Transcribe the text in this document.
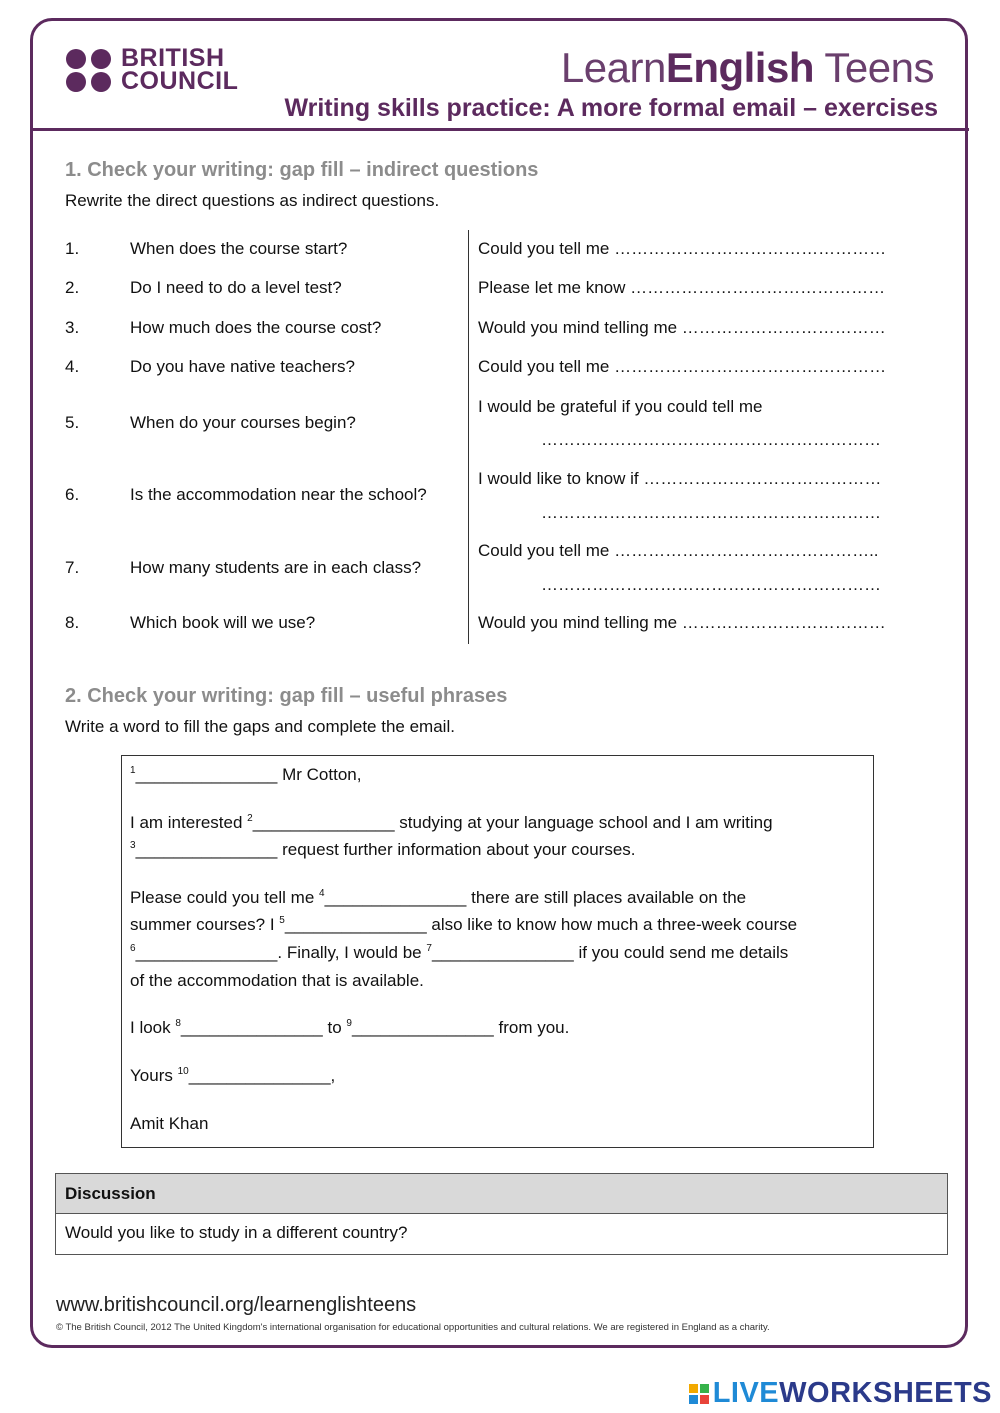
BRITISH
COUNCIL	LearnEnglish Teens
Writing skills practice: A more formal email – exercises
1. Check your writing: gap fill – indirect questions
Rewrite the direct questions as indirect questions.
1.	When does the course start?	Could you tell me …………………………………………
2.	Do I need to do a level test?	Please let me know ………………………………………
3.	How much does the course cost?	Would you mind telling me ………………………………
4.	Do you have native teachers?	Could you tell me …………………………………………
5.	When do your courses begin?
I would be grateful if you could tell me
……………………………………………………
6.	Is the accommodation near the school?
I would like to know if ……………………………………
……………………………………………………
7.	How many students are in each class?
Could you tell me ………………………………………..
……………………………………………………
8.	Which book will we use?	Would you mind telling me ………………………………
2. Check your writing: gap fill – useful phrases
Write a word to fill the gaps and complete the email.
$^1$_______________ Mr Cotton,
I am interested $^2$_______________ studying at your language school and I am writing
$^3$_______________ request further information about your courses.
Please could you tell me $^4$_______________ there are still places available on the
summer courses? I $^5$_______________ also like to know how much a three-week course
$^6$_______________. Finally, I would be $^7$_______________ if you could send me details
of the accommodation that is available.
I look $^8$_______________ to $^9$_______________ from you.
Yours $^{10}$_______________,
Amit Khan
Discussion
Would you like to study in a different country?
www.britishcouncil.org/learnenglishteens
© The British Council, 2012 The United Kingdom's international organisation for educational opportunities and cultural relations. We are registered in England as a charity.
LIVEWORKSHEETS
